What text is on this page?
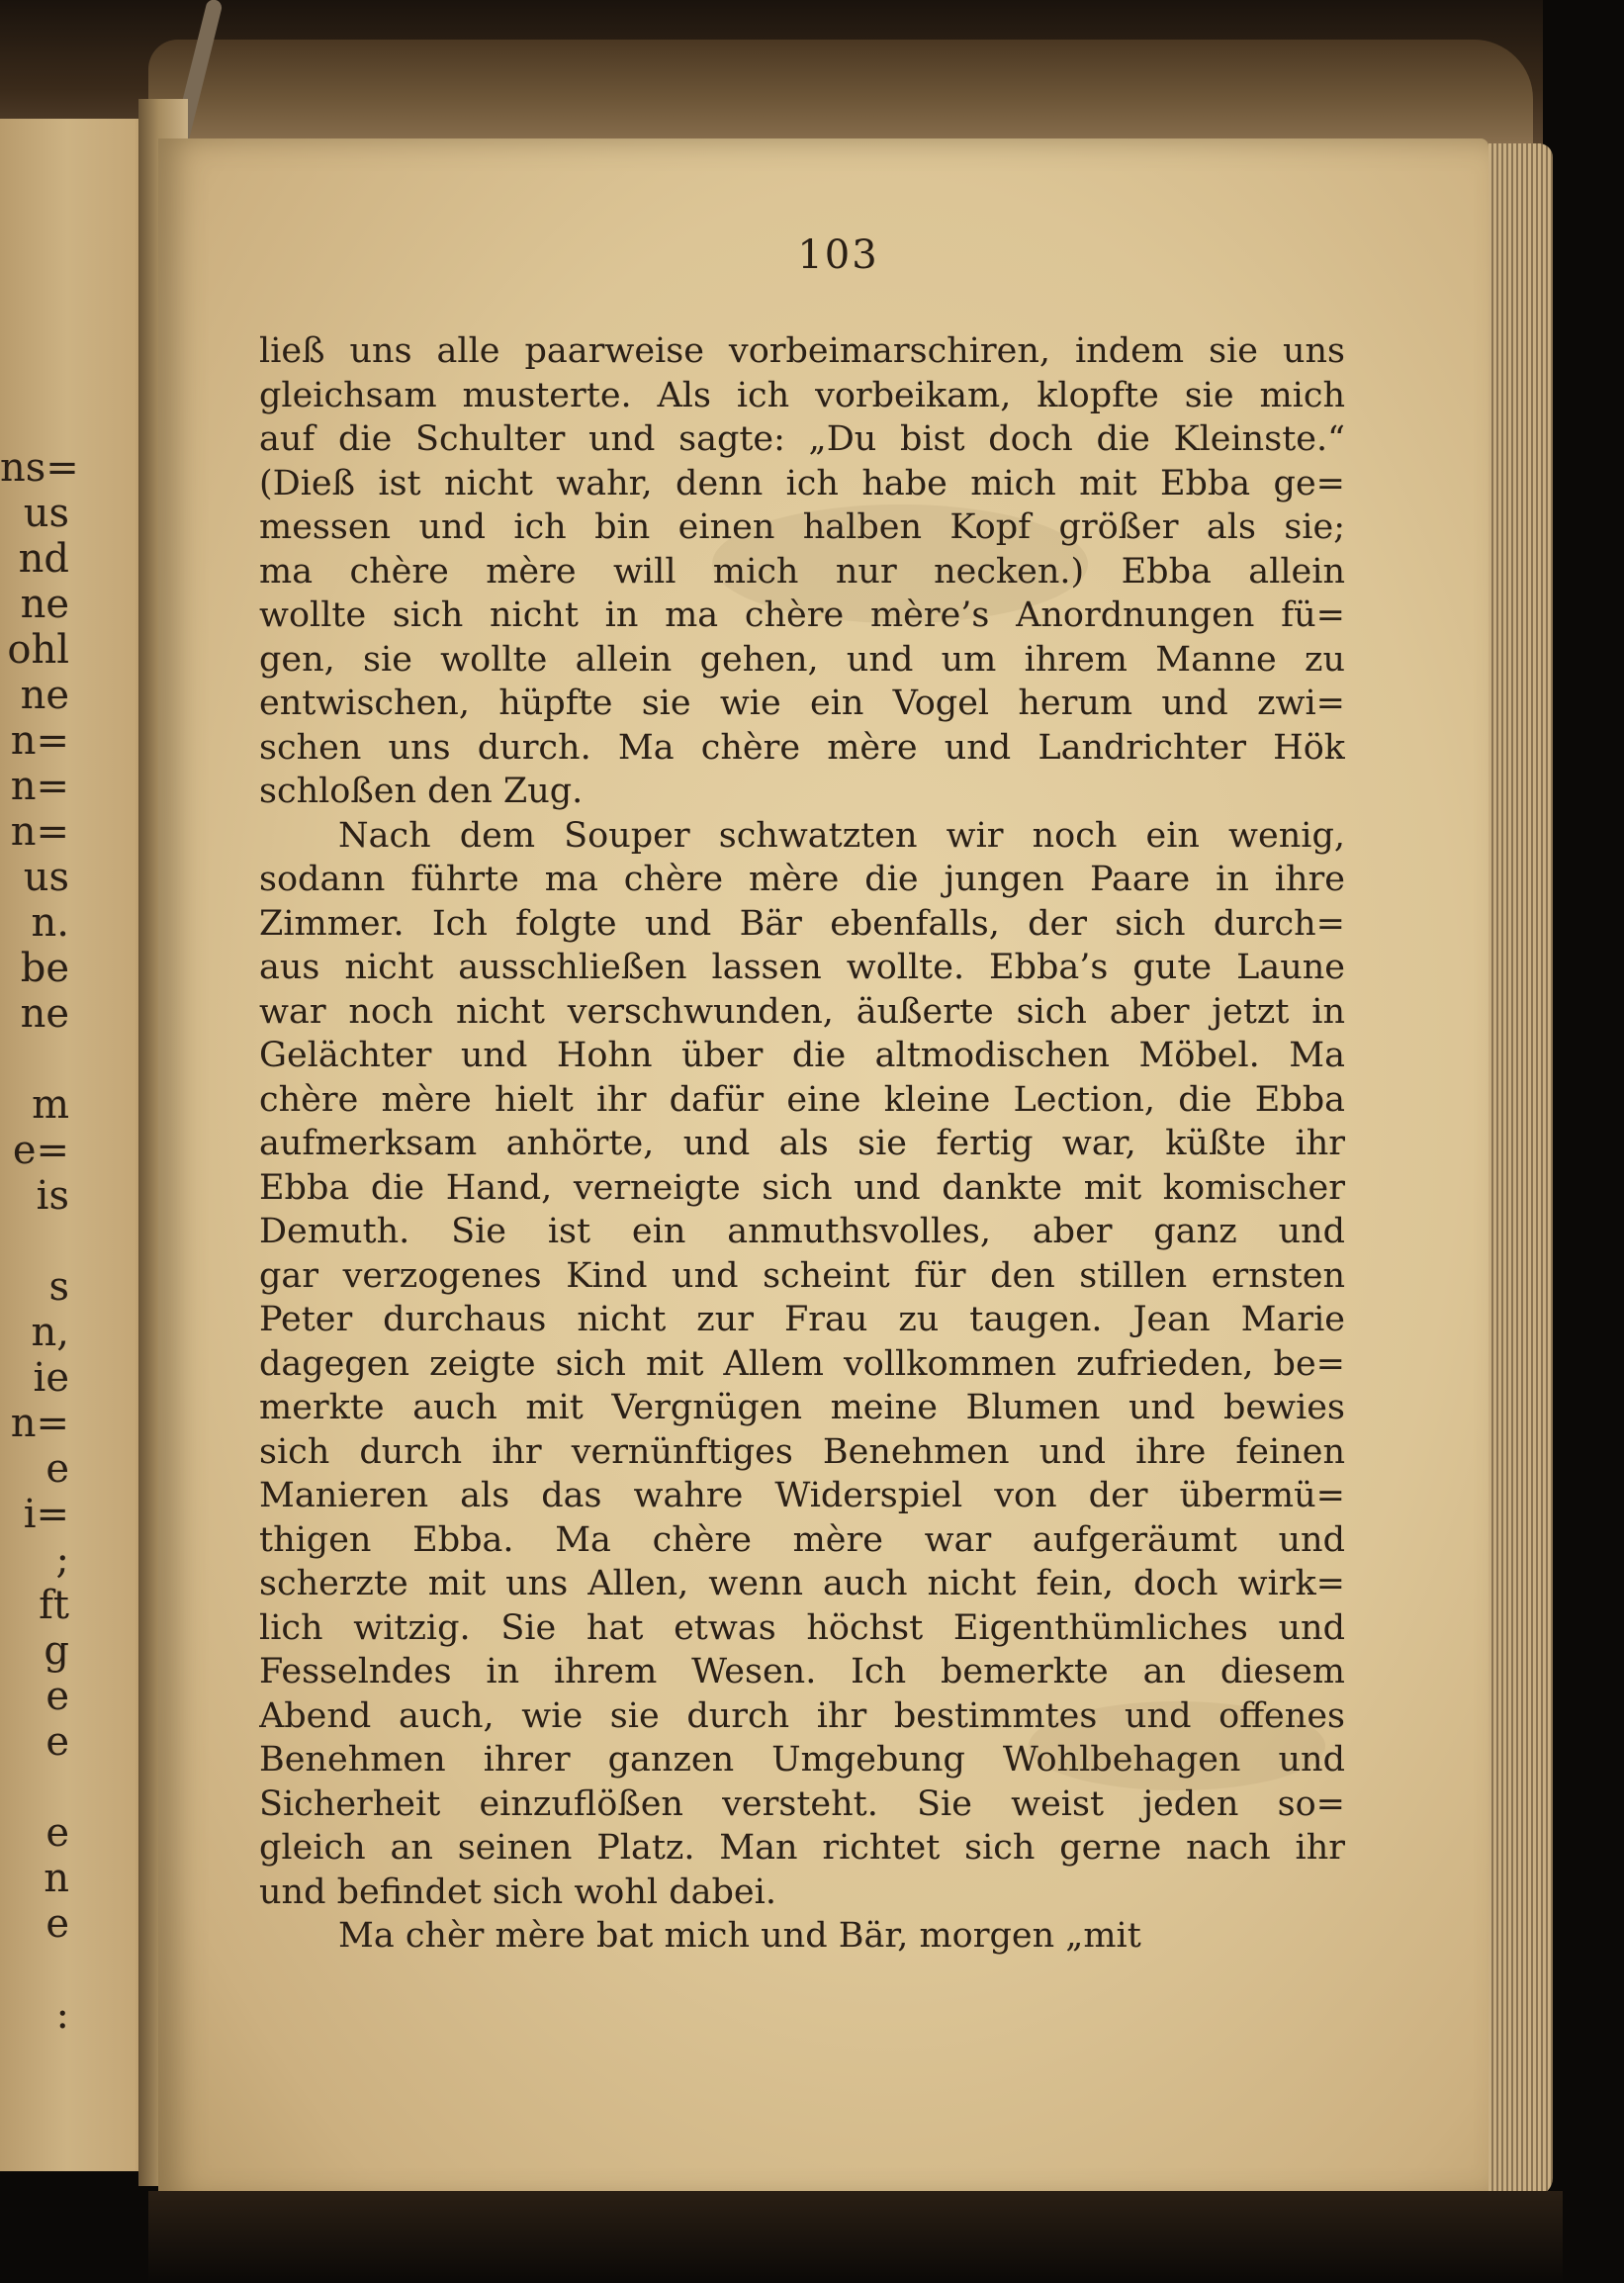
ns=
us
nd
ne
ohl
ne
n=
n=
n=
us
n.
be
ne
m
e=
is
s
n,
ie
n=
e
i=
;
ft
g
e
e
e
n
e
:
103
ließ uns alle paarweise vorbeimarschiren, indem sie uns
gleichsam musterte. Als ich vorbeikam, klopfte sie mich
auf die Schulter und sagte: „Du bist doch die Kleinste.“
(Dieß ist nicht wahr, denn ich habe mich mit Ebba ge=
messen und ich bin einen halben Kopf größer als sie;
ma chère mère will mich nur necken.) Ebba allein
wollte sich nicht in ma chère mère’s Anordnungen fü=
gen, sie wollte allein gehen, und um ihrem Manne zu
entwischen, hüpfte sie wie ein Vogel herum und zwi=
schen uns durch. Ma chère mère und Landrichter Hök
schloßen den Zug.
Nach dem Souper schwatzten wir noch ein wenig,
sodann führte ma chère mère die jungen Paare in ihre
Zimmer. Ich folgte und Bär ebenfalls, der sich durch=
aus nicht ausschließen lassen wollte. Ebba’s gute Laune
war noch nicht verschwunden, äußerte sich aber jetzt in
Gelächter und Hohn über die altmodischen Möbel. Ma
chère mère hielt ihr dafür eine kleine Lection, die Ebba
aufmerksam anhörte, und als sie fertig war, küßte ihr
Ebba die Hand, verneigte sich und dankte mit komischer
Demuth. Sie ist ein anmuthsvolles, aber ganz und
gar verzogenes Kind und scheint für den stillen ernsten
Peter durchaus nicht zur Frau zu taugen. Jean Marie
dagegen zeigte sich mit Allem vollkommen zufrieden, be=
merkte auch mit Vergnügen meine Blumen und bewies
sich durch ihr vernünftiges Benehmen und ihre feinen
Manieren als das wahre Widerspiel von der übermü=
thigen Ebba. Ma chère mère war aufgeräumt und
scherzte mit uns Allen, wenn auch nicht fein, doch wirk=
lich witzig. Sie hat etwas höchst Eigenthümliches und
Fesselndes in ihrem Wesen. Ich bemerkte an diesem
Abend auch, wie sie durch ihr bestimmtes und offenes
Benehmen ihrer ganzen Umgebung Wohlbehagen und
Sicherheit einzuflößen versteht. Sie weist jeden so=
gleich an seinen Platz. Man richtet sich gerne nach ihr
und befindet sich wohl dabei.
Ma chèr mère bat mich und Bär, morgen „mit
